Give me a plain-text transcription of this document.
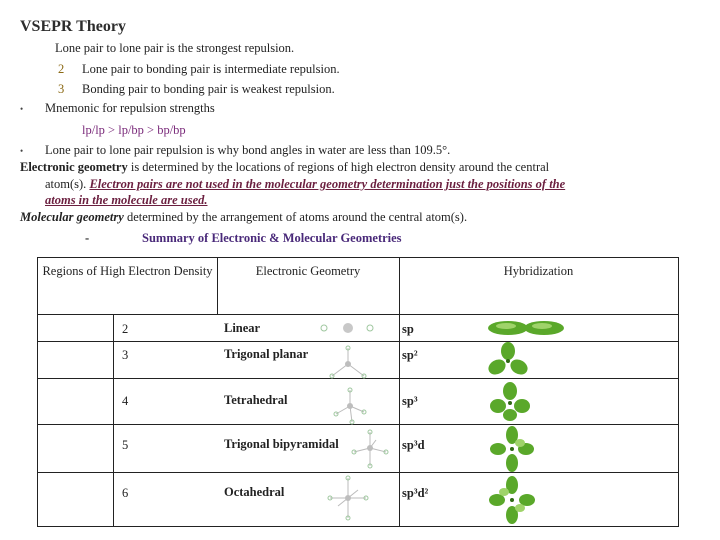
VSEPR Theory
Lone pair to lone pair is the strongest repulsion.
2 Lone pair to bonding pair is intermediate repulsion.
3 Bonding pair to bonding pair is weakest repulsion.
• Mnemonic for repulsion strengths
lp/lp > lp/bp > bp/bp
• Lone pair to lone pair repulsion is why bond angles in water are less than 109.5°.
Electronic geometry is determined by the locations of regions of high electron density around the central
atom(s). Electron pairs are not used in the molecular geometry determination just the positions of the
atoms in the molecule are used.
Molecular geometry determined by the arrangement of atoms around the central atom(s).
-	Summary of Electronic & Molecular Geometries
Regions of High Electron Density	Electronic Geometry	Hybridization
2	Linear	sp
3	Trigonal planar	sp²
4	Tetrahedral	sp³
5	Trigonal bipyramidal	sp³d
6	Octahedral	sp³d²
